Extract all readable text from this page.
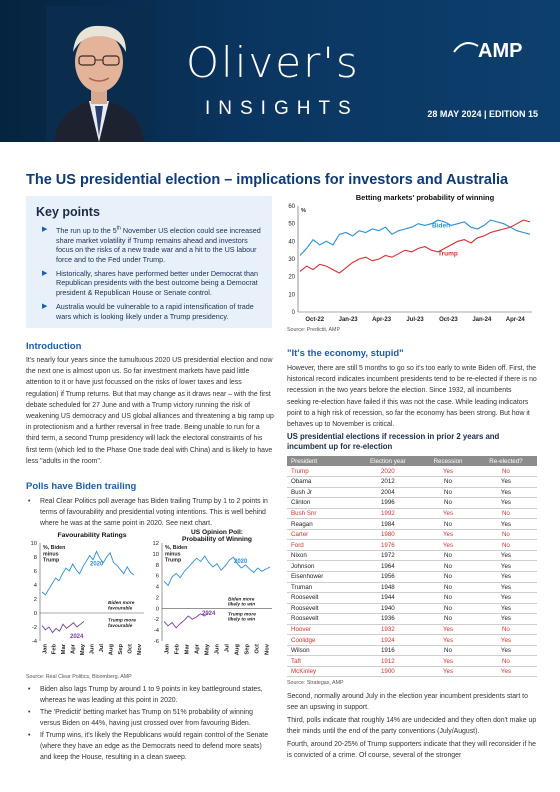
Oliver's
INSIGHTS
AMP
28 MAY 2024 | EDITION 15
The US presidential election – implications for investors and Australia
Key points
▶ The run up to the 5th November US election could see increased share market volatility if Trump remains ahead and investors focus on the risks of a new trade war and a hit to the US labour force and to the Fed under Trump.
▶ Historically, shares have performed better under Democrat than Republican presidents with the best outcome being a Democrat president & Republican House or Senate control.
▶ Australia would be vulnerable to a rapid intensification of trade wars which is looking likely under a Trump presidency.
Betting markets' probability of winning
0
10
20
30
40
50
60
Oct-22 Jan-23 Apr-23	Jul-23	Oct-23 Jan-24 Apr-24
%
Biden
Trump
Source: Predictit, AMP
Introduction
It's nearly four years since the tumultuous 2020 US presidential election and now the next one is almost upon us. So far investment markets have paid little attention to it or have just focussed on the risks of lower taxes and less regulation) if Trump returns. But that may change as it draws near – with the first debate scheduled for 27 June and with a Trump victory running the risk of weakening US democracy and US global alliances and threatening a big ramp up in protectionism and a further reversal in free trade. Being unable to run for a third term, a second Trump presidency will lack the electoral constraints of his first term (which led to the Phase One trade deal with China) and is likely to have less "adults in the room".
Polls have Biden trailing
• Real Clear Politics poll average has Biden trailing Trump by 1 to 2 points in terms of favourability and presidential voting intentions. This is well behind where he was at the same point in 2020. See next chart.
Favourability Ratings
-4
-2
0
2
4
6
8
10
Jan Feb Mar Apr May Jun Jul Aug Sep Oct Nov
%, Biden
minus
Trump
2020
2024
Biden more
favourable
Trump more
favourable
-6
-4
-2
0
2
4
6
8
10
12
Jan Feb Mar Apr May Jun Jul Aug Sep Oct Nov
%, Biden
minus
Trump	2020
2024
Biden more
likely to win
Trump more
likely to win
US Opinion Poll:
Probability of Winning
Source: Real Clear Politics, Bloomberg, AMP
• Biden also lags Trump by around 1 to 9 points in key battleground states, whereas he was leading at this point in 2020.
• The 'Predictit' betting market has Trump on 51% probability of winning versus Biden on 44%, having just crossed over from favouring Biden.
• If Trump wins, it's likely the Republicans would regain control of the Senate (where they have an edge as the Democrats need to defend more seats) and keep the House, resulting in a clean sweep.
"It's the economy, stupid"
However, there are still 5 months to go so it's too early to write Biden off. First, the historical record indicates incumbent presidents tend to be re-elected if there is no recession in the two years before the election. Since 1932, all incumbents seeking re-election have failed if this was not the case. While leading indicators point to a high risk of recession, so far the economy has been strong. But how it behaves up to November is critical.
US presidential elections if recession in prior 2 years and incumbent up for re-election
President	Election year	Recession	Re-elected?
Trump	2020	Yes	No
Obama	2012	No	Yes
Bush Jr	2004	No	Yes
Clinton	1996	No	Yes
Bush Snr	1992	Yes	No
Reagan	1984	No	Yes
Carter	1980	Yes	No
Ford	1976	Yes	No
Nixon	1972	No	Yes
Johnson	1964	No	Yes
Eisenhower	1956	No	Yes
Truman	1948	No	Yes
Roosevelt	1944	No	Yes
Roosevelt	1940	No	Yes
Roosevelt	1936	No	Yes
Hoover	1932	Yes	No
Coolidge	1924	Yes	Yes
Wilson	1916	No	Yes
Taft	1912	Yes	No
McKinley	1900	Yes	Yes
Source: Strategas, AMP
Second, normally around July in the election year incumbent presidents start to see an upswing in support.
Third, polls indicate that roughly 14% are undecided and they often don't make up their minds until the end of the party conventions (July/August).
Fourth, around 20-25% of Trump supporters indicate that they will reconsider if he is convicted of a crime. Of course, several of the stronger
